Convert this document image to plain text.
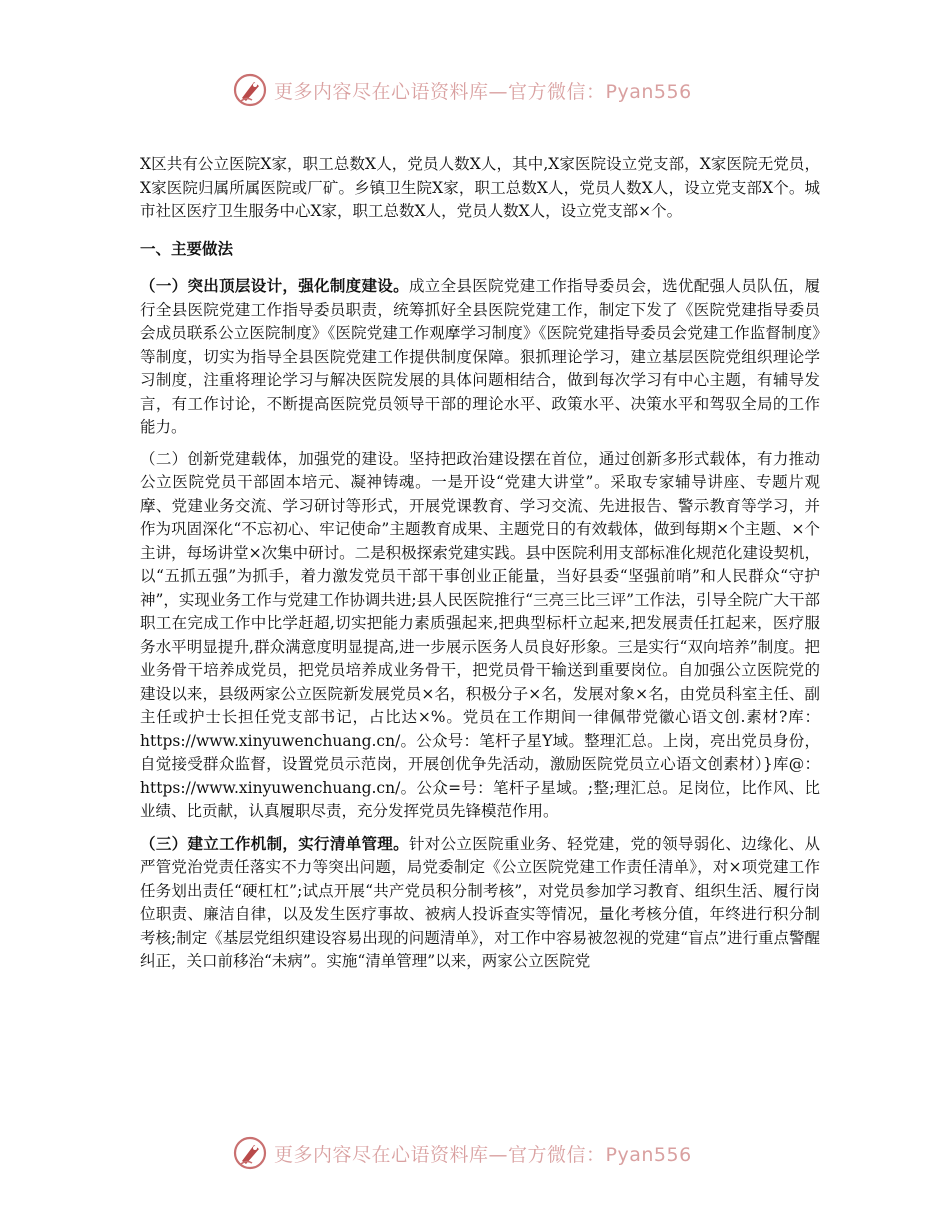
更多内容尽在心语资料库—官方微信：Pyan556

X区共有公立医院X家，职工总数X人，党员人数X人，其中,X家医院设立党支部，X家医院无党员，X家医院归属所属医院或厂矿。乡镇卫生院X家，职工总数X人，党员人数X人，设立党支部X个。城市社区医疗卫生服务中心X家，职工总数X人，党员人数X人，设立党支部×个。

一、主要做法

（一）突出顶层设计，强化制度建设。成立全县医院党建工作指导委员会，选优配强人员队伍，履行全县医院党建工作指导委员职责，统筹抓好全县医院党建工作，制定下发了《医院党建指导委员会成员联系公立医院制度》《医院党建工作观摩学习制度》《医院党建指导委员会党建工作监督制度》等制度，切实为指导全县医院党建工作提供制度保障。狠抓理论学习，建立基层医院党组织理论学习制度，注重将理论学习与解决医院发展的具体问题相结合，做到每次学习有中心主题，有辅导发言，有工作讨论，不断提高医院党员领导干部的理论水平、政策水平、决策水平和驾驭全局的工作能力。

（二）创新党建载体，加强党的建设。坚持把政治建设摆在首位，通过创新多形式载体，有力推动公立医院党员干部固本培元、凝神铸魂。一是开设“党建大讲堂”。采取专家辅导讲座、专题片观摩、党建业务交流、学习研讨等形式，开展党课教育、学习交流、先进报告、警示教育等学习，并作为巩固深化“不忘初心、牢记使命”主题教育成果、主题党日的有效载体，做到每期×个主题、×个主讲，每场讲堂×次集中研讨。二是积极探索党建实践。县中医院利用支部标准化规范化建设契机，以“五抓五强”为抓手，着力激发党员干部干事创业正能量，当好县委“坚强前哨”和人民群众“守护神”，实现业务工作与党建工作协调共进;县人民医院推行“三亮三比三评”工作法，引导全院广大干部职工在完成工作中比学赶超,切实把能力素质强起来,把典型标杆立起来,把发展责任扛起来，医疗服务水平明显提升,群众满意度明显提高,进一步展示医务人员良好形象。三是实行“双向培养”制度。把业务骨干培养成党员，把党员培养成业务骨干，把党员骨干输送到重要岗位。自加强公立医院党的建设以来，县级两家公立医院新发展党员×名，积极分子×名，发展对象×名，由党员科室主任、副主任或护士长担任党支部书记，占比达×%。党员在工作期间一律佩带党徽心语文创.素材?库：https://www.xinyuwenchuang.cn/。公众号：笔杆子星Y域。整理汇总。上岗，亮出党员身份，自觉接受群众监督，设置党员示范岗，开展创优争先活动，激励医院党员立心语文创素材）}库@：https://www.xinyuwenchuang.cn/。公众=号：笔杆子星域。;整;理汇总。足岗位，比作风、比业绩、比贡献，认真履职尽责，充分发挥党员先锋模范作用。

（三）建立工作机制，实行清单管理。针对公立医院重业务、轻党建，党的领导弱化、边缘化、从严管党治党责任落实不力等突出问题，局党委制定《公立医院党建工作责任清单》，对×项党建工作任务划出责任“硬杠杠”;试点开展“共产党员积分制考核”，对党员参加学习教育、组织生活、履行岗位职责、廉洁自律，以及发生医疗事故、被病人投诉查实等情况，量化考核分值，年终进行积分制考核;制定《基层党组织建设容易出现的问题清单》，对工作中容易被忽视的党建“盲点”进行重点警醒纠正，关口前移治“未病”。实施“清单管理”以来，两家公立医院党

更多内容尽在心语资料库—官方微信：Pyan556
